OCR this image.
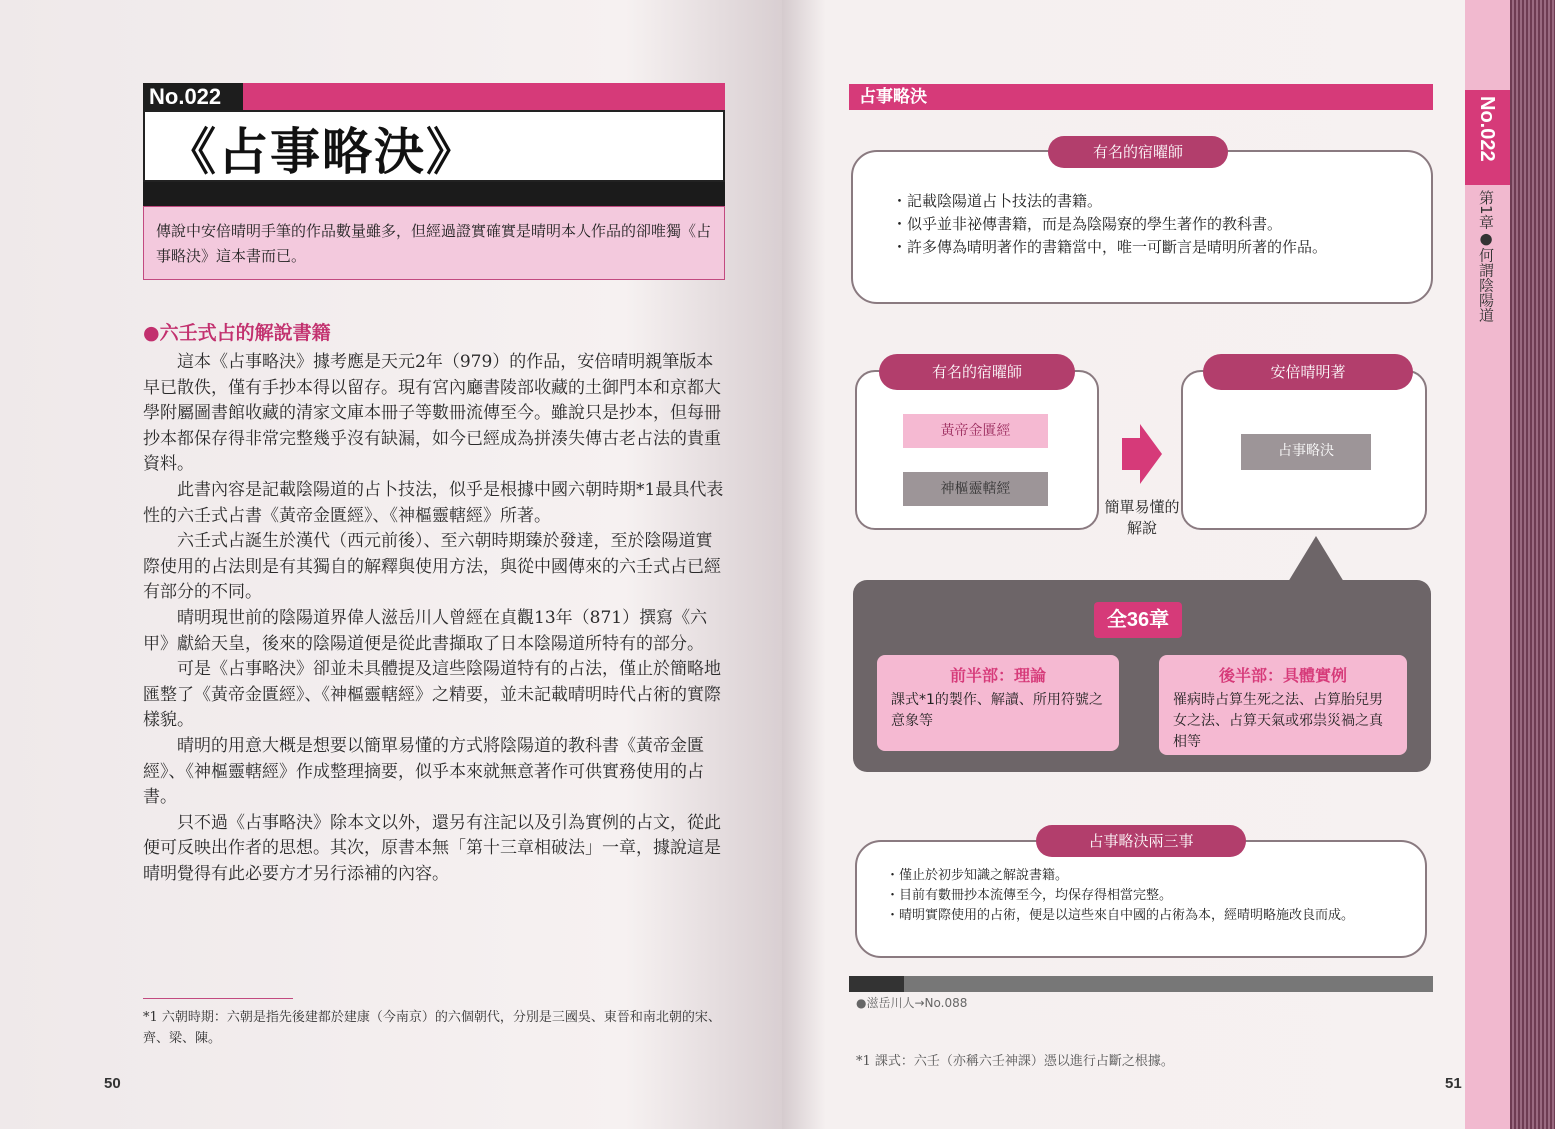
No.022
《占事略決》
傳說中安倍晴明手筆的作品數量雖多，但經過證實確實是晴明本人作品的卻唯獨《占事略決》這本書而已。
●六壬式占的解說書籍

這本《占事略決》據考應是天元2年（979）的作品，安倍晴明親筆版本早已散佚，僅有手抄本得以留存。現有宮內廳書陵部收藏的土御門本和京都大學附屬圖書館收藏的清家文庫本冊子等數冊流傳至今。雖說只是抄本，但每冊抄本都保存得非常完整幾乎沒有缺漏，如今已經成為拼湊失傳古老占法的貴重資料。

此書內容是記載陰陽道的占卜技法，似乎是根據中國六朝時期*1最具代表性的六壬式占書《黃帝金匱經》、《神樞靈轄經》所著。

六壬式占誕生於漢代（西元前後）、至六朝時期臻於發達，至於陰陽道實際使用的占法則是有其獨自的解釋與使用方法，與從中國傳來的六壬式占已經有部分的不同。

晴明現世前的陰陽道界偉人滋岳川人曾經在貞觀13年（871）撰寫《六甲》獻給天皇，後來的陰陽道便是從此書擷取了日本陰陽道所特有的部分。

可是《占事略決》卻並未具體提及這些陰陽道特有的占法，僅止於簡略地匯整了《黃帝金匱經》、《神樞靈轄經》之精要，並未記載晴明時代占術的實際樣貌。

晴明的用意大概是想要以簡單易懂的方式將陰陽道的教科書《黃帝金匱經》、《神樞靈轄經》作成整理摘要，似乎本來就無意著作可供實務使用的占書。

只不過《占事略決》除本文以外，還另有注記以及引為實例的占文，從此便可反映出作者的思想。其次，原書本無「第十三章相破法」一章，據說這是晴明覺得有此必要方才另行添補的內容。

*1 六朝時期：六朝是指先後建都於建康（今南京）的六個朝代，分別是三國吳、東晉和南北朝的宋、齊、梁、陳。
50
No.022
第1章●何謂陰陽道
占事略決
有名的宿曜師
・記載陰陽道占卜技法的書籍。
・似乎並非祕傳書籍，而是為陰陽寮的學生著作的教科書。
・許多傳為晴明著作的書籍當中，唯一可斷言是晴明所著的作品。
有名的宿曜師
黃帝金匱經
神樞靈轄經
簡單易懂的解說
安倍晴明著
占事略決
全36章
前半部：理論
課式*1的製作、解讀、所用符號之意象等
後半部：具體實例
罹病時占算生死之法、占算胎兒男女之法、占算天氣或邪祟災禍之真相等
占事略決兩三事
・僅止於初步知識之解說書籍。
・目前有數冊抄本流傳至今，均保存得相當完整。
・晴明實際使用的占術，便是以這些來自中國的占術為本，經晴明略施改良而成。
●滋岳川人→No.088
*1 課式：六壬（亦稱六壬神課）憑以進行占斷之根據。
51
